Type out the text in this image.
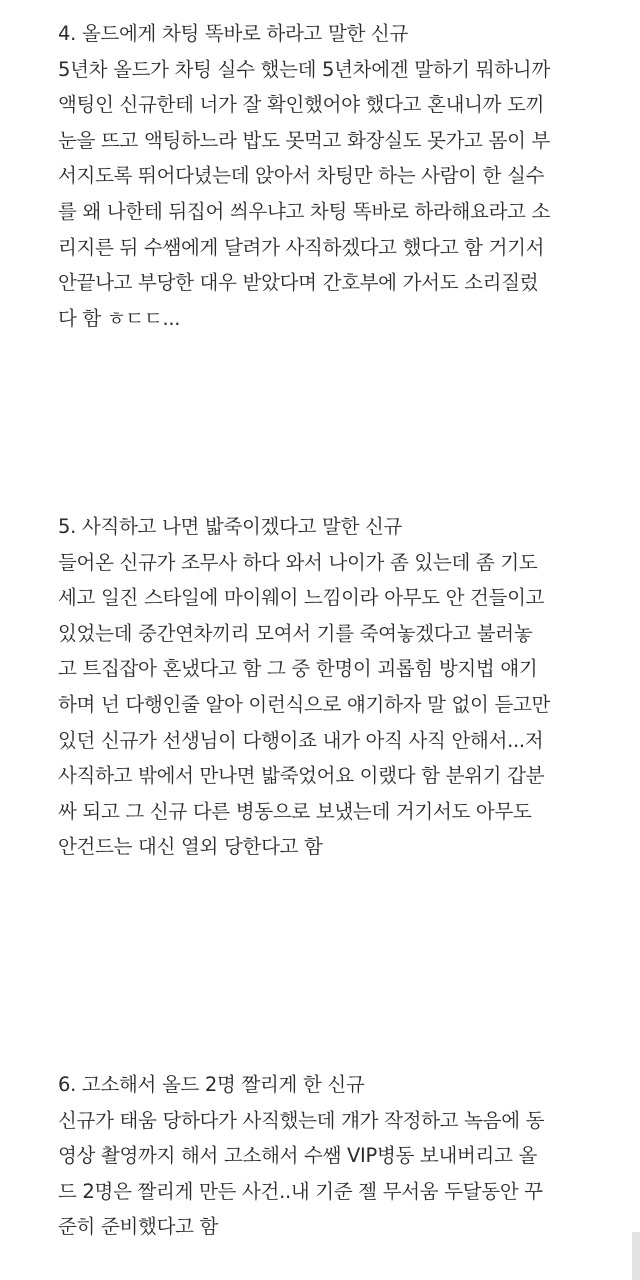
4. 올드에게 차팅 똑바로 하라고 말한 신규
5년차 올드가 차팅 실수 했는데 5년차에겐 말하기 뭐하니까
액팅인 신규한테 너가 잘 확인했어야 했다고 혼내니까 도끼
눈을 뜨고 액팅하느라 밥도 못먹고 화장실도 못가고 몸이 부
서지도록 뛰어다녔는데 앉아서 차팅만 하는 사람이 한 실수
를 왜 나한테 뒤집어 씌우냐고 차팅 똑바로 하라해요라고 소
리지른 뒤 수쌤에게 달려가 사직하겠다고 했다고 함 거기서
안끝나고 부당한 대우 받았다며 간호부에 가서도 소리질렀
다 함 ㅎㄷㄷ...
5. 사직하고 나면 밟죽이겠다고 말한 신규
들어온 신규가 조무사 하다 와서 나이가 좀 있는데 좀 기도
세고 일진 스타일에 마이웨이 느낌이라 아무도 안 건들이고
있었는데 중간연차끼리 모여서 기를 죽여놓겠다고 불러놓
고 트집잡아 혼냈다고 함 그 중 한명이 괴롭힘 방지법 얘기
하며 넌 다행인줄 알아 이런식으로 얘기하자 말 없이 듣고만
있던 신규가 선생님이 다행이죠 내가 아직 사직 안해서...저
사직하고 밖에서 만나면 밟죽었어요 이랬다 함 분위기 갑분
싸 되고 그 신규 다른 병동으로 보냈는데 거기서도 아무도
안건드는 대신 열외 당한다고 함
6. 고소해서 올드 2명 짤리게 한 신규
신규가 태움 당하다가 사직했는데 걔가 작정하고 녹음에 동
영상 촬영까지 해서 고소해서 수쌤 VIP병동 보내버리고 올
드 2명은 짤리게 만든 사건..내 기준 젤 무서움 두달동안 꾸
준히 준비했다고 함
